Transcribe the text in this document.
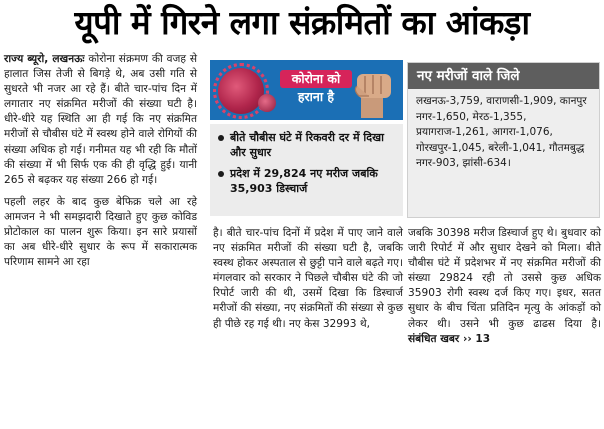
यूपी में गिरने लगा संक्रमितों का आंकड़ा

राज्य ब्यूरो, लखनऊः कोरोना संक्रमण की वजह से हालात जिस तेजी से बिगड़े थे, अब उसी गति से सुधरते भी नजर आ रहे हैं। बीते चार-पांच दिन में लगातार नए संक्रमित मरीजों की संख्या घटी है। धीरे-धीरे यह स्थिति आ ही गई कि नए संक्रमित मरीजों से चौबीस घंटे में स्वस्थ होने वाले रोगियों की संख्या अधिक हो गई। गनीमत यह भी रही कि मौतों की संख्या में भी सिर्फ एक की ही वृद्धि हुई। यानी 265 से बढ़कर यह संख्या 266 हो गई।

पहली लहर के बाद कुछ बेफिक्र चले आ रहे आमजन ने भी समझदारी दिखाते हुए कुछ कोविड प्रोटोकाल का पालन शुरू किया। इन सारे प्रयासों का अब धीरे-धीरे सुधार के रूप में सकारात्मक परिणाम सामने आ रहा

कोरोना को
हराना है
बीते चौबीस घंटे में रिकवरी दर में दिखा और सुधार
प्रदेश में 29,824 नए मरीज जबकि 35,903 डिस्चार्ज
नए मरीजों वाले जिले
लखनऊ-3,759, वाराणसी-1,909, कानपुर नगर-1,650, मेरठ-1,355, प्रयागराज-1,261, आगरा-1,076, गोरखपुर-1,045, बरेली-1,041, गौतमबुद्ध नगर-903, झांसी-634।

है। बीते चार-पांच दिनों में प्रदेश में पाए जाने वाले नए संक्रमित मरीजों की संख्या घटी है, जबकि स्वस्थ होकर अस्पताल से छुट्टी पाने वाले बढ़ते गए। मंगलवार को सरकार ने पिछले चौबीस घंटे की जो रिपोर्ट जारी की थी, उसमें दिखा कि डिस्चार्ज मरीजों की संख्या, नए संक्रमितों की संख्या से कुछ ही पीछे रह गई थी। नए केस 32993 थे,

जबकि 30398 मरीज डिस्चार्ज हुए थे। बुधवार को जारी रिपोर्ट में और सुधार देखने को मिला। बीते चौबीस घंटे में प्रदेशभर में नए संक्रमित मरीजों की संख्या 29824 रही तो उससे कुछ अधिक 35903 रोगी स्वस्थ दर्ज किए गए। इधर, सतत सुधार के बीच चिंता प्रतिदिन मृत्यु के आंकड़ों को लेकर थी। उसने भी कुछ ढाढस दिया है। संबंधित खबर ›› 13
